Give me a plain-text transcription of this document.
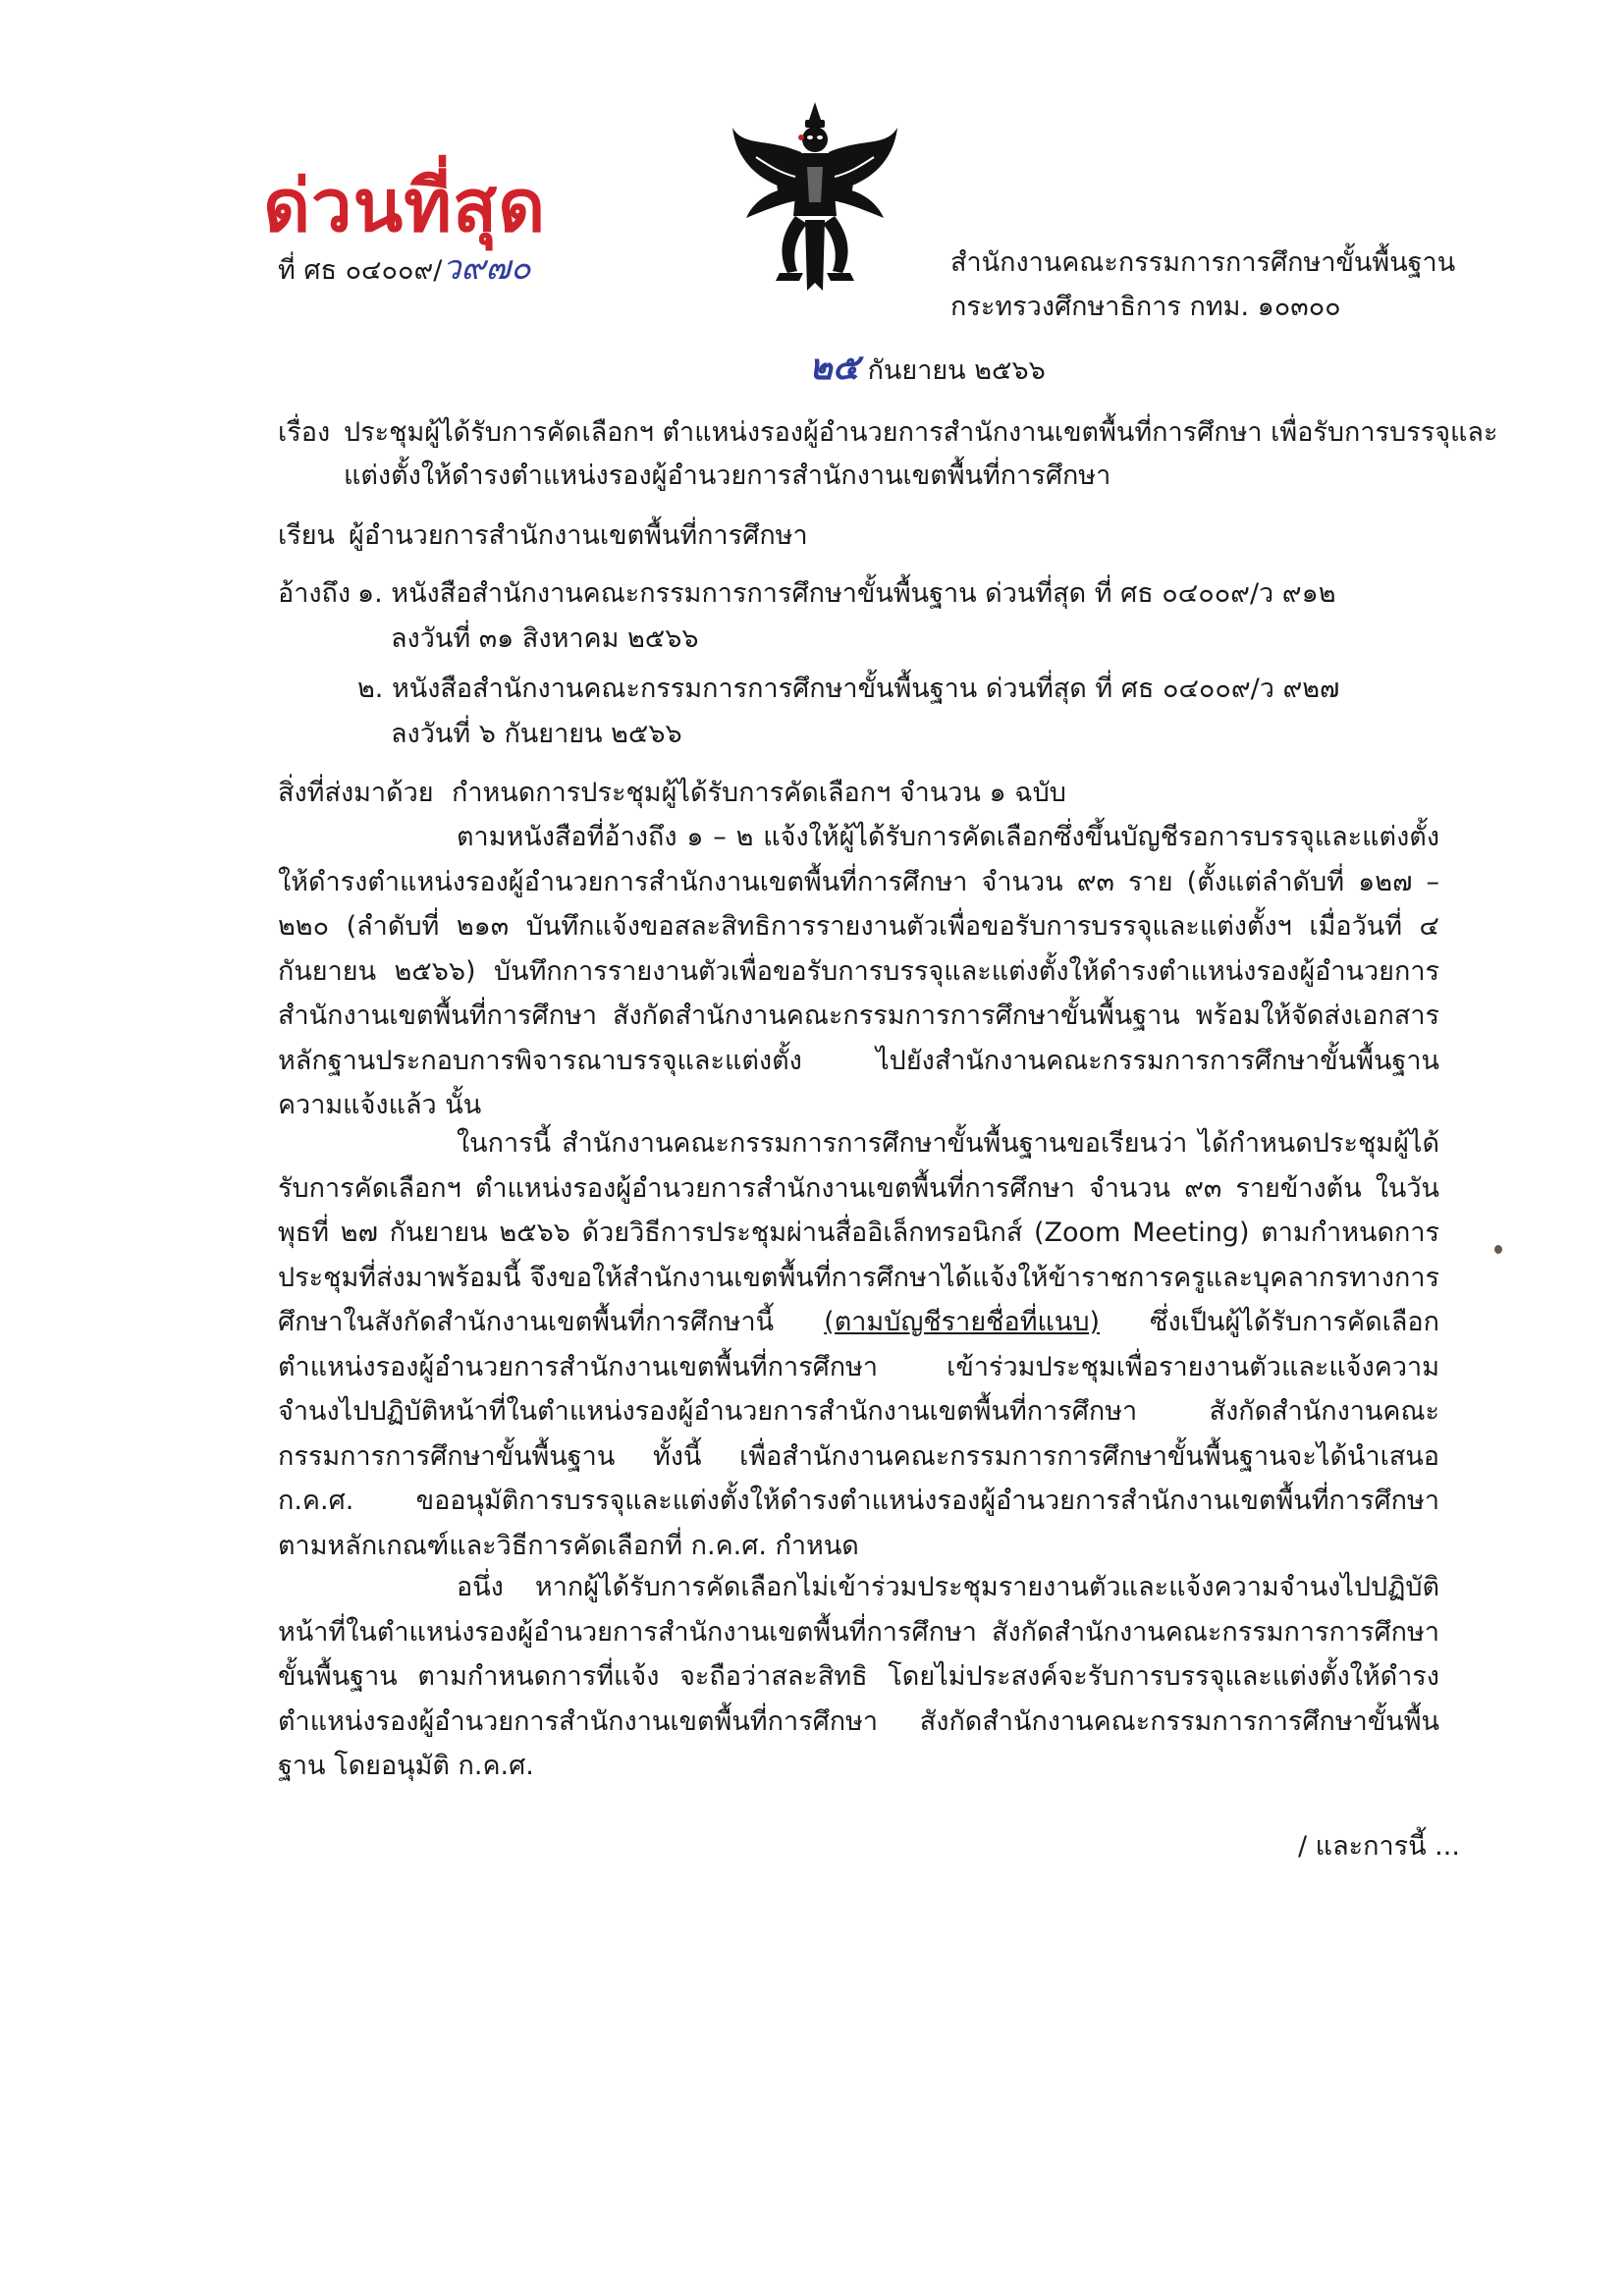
ด่วนที่สุด
ที่ ศธ ๐๔๐๐๙/ว๙๗๐	สำนักงานคณะกรรมการการศึกษาขั้นพื้นฐาน
กระทรวงศึกษาธิการ กทม. ๑๐๓๐๐
๒๕ กันยายน ๒๕๖๖
เรื่อง ประชุมผู้ได้รับการคัดเลือกฯ ตำแหน่งรองผู้อำนวยการสำนักงานเขตพื้นที่การศึกษา เพื่อรับการบรรจุและ
แต่งตั้งให้ดำรงตำแหน่งรองผู้อำนวยการสำนักงานเขตพื้นที่การศึกษา
เรียน ผู้อำนวยการสำนักงานเขตพื้นที่การศึกษา
อ้างถึง ๑. หนังสือสำนักงานคณะกรรมการการศึกษาขั้นพื้นฐาน ด่วนที่สุด ที่ ศธ ๐๔๐๐๙/ว ๙๑๒
ลงวันที่ ๓๑ สิงหาคม ๒๕๖๖
๒. หนังสือสำนักงานคณะกรรมการการศึกษาขั้นพื้นฐาน ด่วนที่สุด ที่ ศธ ๐๔๐๐๙/ว ๙๒๗
ลงวันที่ ๖ กันยายน ๒๕๖๖
สิ่งที่ส่งมาด้วย กำหนดการประชุมผู้ได้รับการคัดเลือกฯ จำนวน ๑ ฉบับ

ตามหนังสือที่อ้างถึง ๑ – ๒ แจ้งให้ผู้ได้รับการคัดเลือกซึ่งขึ้นบัญชีรอการบรรจุและแต่งตั้งให้ดำรงตำแหน่งรองผู้อำนวยการสำนักงานเขตพื้นที่การศึกษา จำนวน ๙๓ ราย (ตั้งแต่ลำดับที่ ๑๒๗ – ๒๒๐ (ลำดับที่ ๒๑๓ บันทึกแจ้งขอสละสิทธิการรายงานตัวเพื่อขอรับการบรรจุและแต่งตั้งฯ เมื่อวันที่ ๔ กันยายน ๒๕๖๖) บันทึกการรายงานตัวเพื่อขอรับการบรรจุและแต่งตั้งให้ดำรงตำแหน่งรองผู้อำนวยการสำนักงานเขตพื้นที่การศึกษา สังกัดสำนักงานคณะกรรมการการศึกษาขั้นพื้นฐาน พร้อมให้จัดส่งเอกสารหลักฐานประกอบการพิจารณาบรรจุและแต่งตั้ง ไปยังสำนักงานคณะกรรมการการศึกษาขั้นพื้นฐาน ความแจ้งแล้ว นั้น

ในการนี้ สำนักงานคณะกรรมการการศึกษาขั้นพื้นฐานขอเรียนว่า ได้กำหนดประชุมผู้ได้รับการคัดเลือกฯ ตำแหน่งรองผู้อำนวยการสำนักงานเขตพื้นที่การศึกษา จำนวน ๙๓ รายข้างต้น ในวันพุธที่ ๒๗ กันยายน ๒๕๖๖ ด้วยวิธีการประชุมผ่านสื่ออิเล็กทรอนิกส์ (Zoom Meeting) ตามกำหนดการประชุมที่ส่งมาพร้อมนี้ จึงขอให้สำนักงานเขตพื้นที่การศึกษาได้แจ้งให้ข้าราชการครูและบุคลากรทางการศึกษาในสังกัดสำนักงานเขตพื้นที่การศึกษานี้ (ตามบัญชีรายชื่อที่แนบ) ซึ่งเป็นผู้ได้รับการคัดเลือกตำแหน่งรองผู้อำนวยการสำนักงานเขตพื้นที่การศึกษา เข้าร่วมประชุมเพื่อรายงานตัวและแจ้งความจำนงไปปฏิบัติหน้าที่ในตำแหน่งรองผู้อำนวยการสำนักงานเขตพื้นที่การศึกษา สังกัดสำนักงานคณะกรรมการการศึกษาขั้นพื้นฐาน ทั้งนี้ เพื่อสำนักงานคณะกรรมการการศึกษาขั้นพื้นฐานจะได้นำเสนอ ก.ค.ศ. ขออนุมัติการบรรจุและแต่งตั้งให้ดำรงตำแหน่งรองผู้อำนวยการสำนักงานเขตพื้นที่การศึกษา ตามหลักเกณฑ์และวิธีการคัดเลือกที่ ก.ค.ศ. กำหนด

อนึ่ง หากผู้ได้รับการคัดเลือกไม่เข้าร่วมประชุมรายงานตัวและแจ้งความจำนงไปปฏิบัติหน้าที่ในตำแหน่งรองผู้อำนวยการสำนักงานเขตพื้นที่การศึกษา สังกัดสำนักงานคณะกรรมการการศึกษาขั้นพื้นฐาน ตามกำหนดการที่แจ้ง จะถือว่าสละสิทธิ โดยไม่ประสงค์จะรับการบรรจุและแต่งตั้งให้ดำรงตำแหน่งรองผู้อำนวยการสำนักงานเขตพื้นที่การศึกษา สังกัดสำนักงานคณะกรรมการการศึกษาขั้นพื้นฐาน โดยอนุมัติ ก.ค.ศ.

/ และการนี้ ...
